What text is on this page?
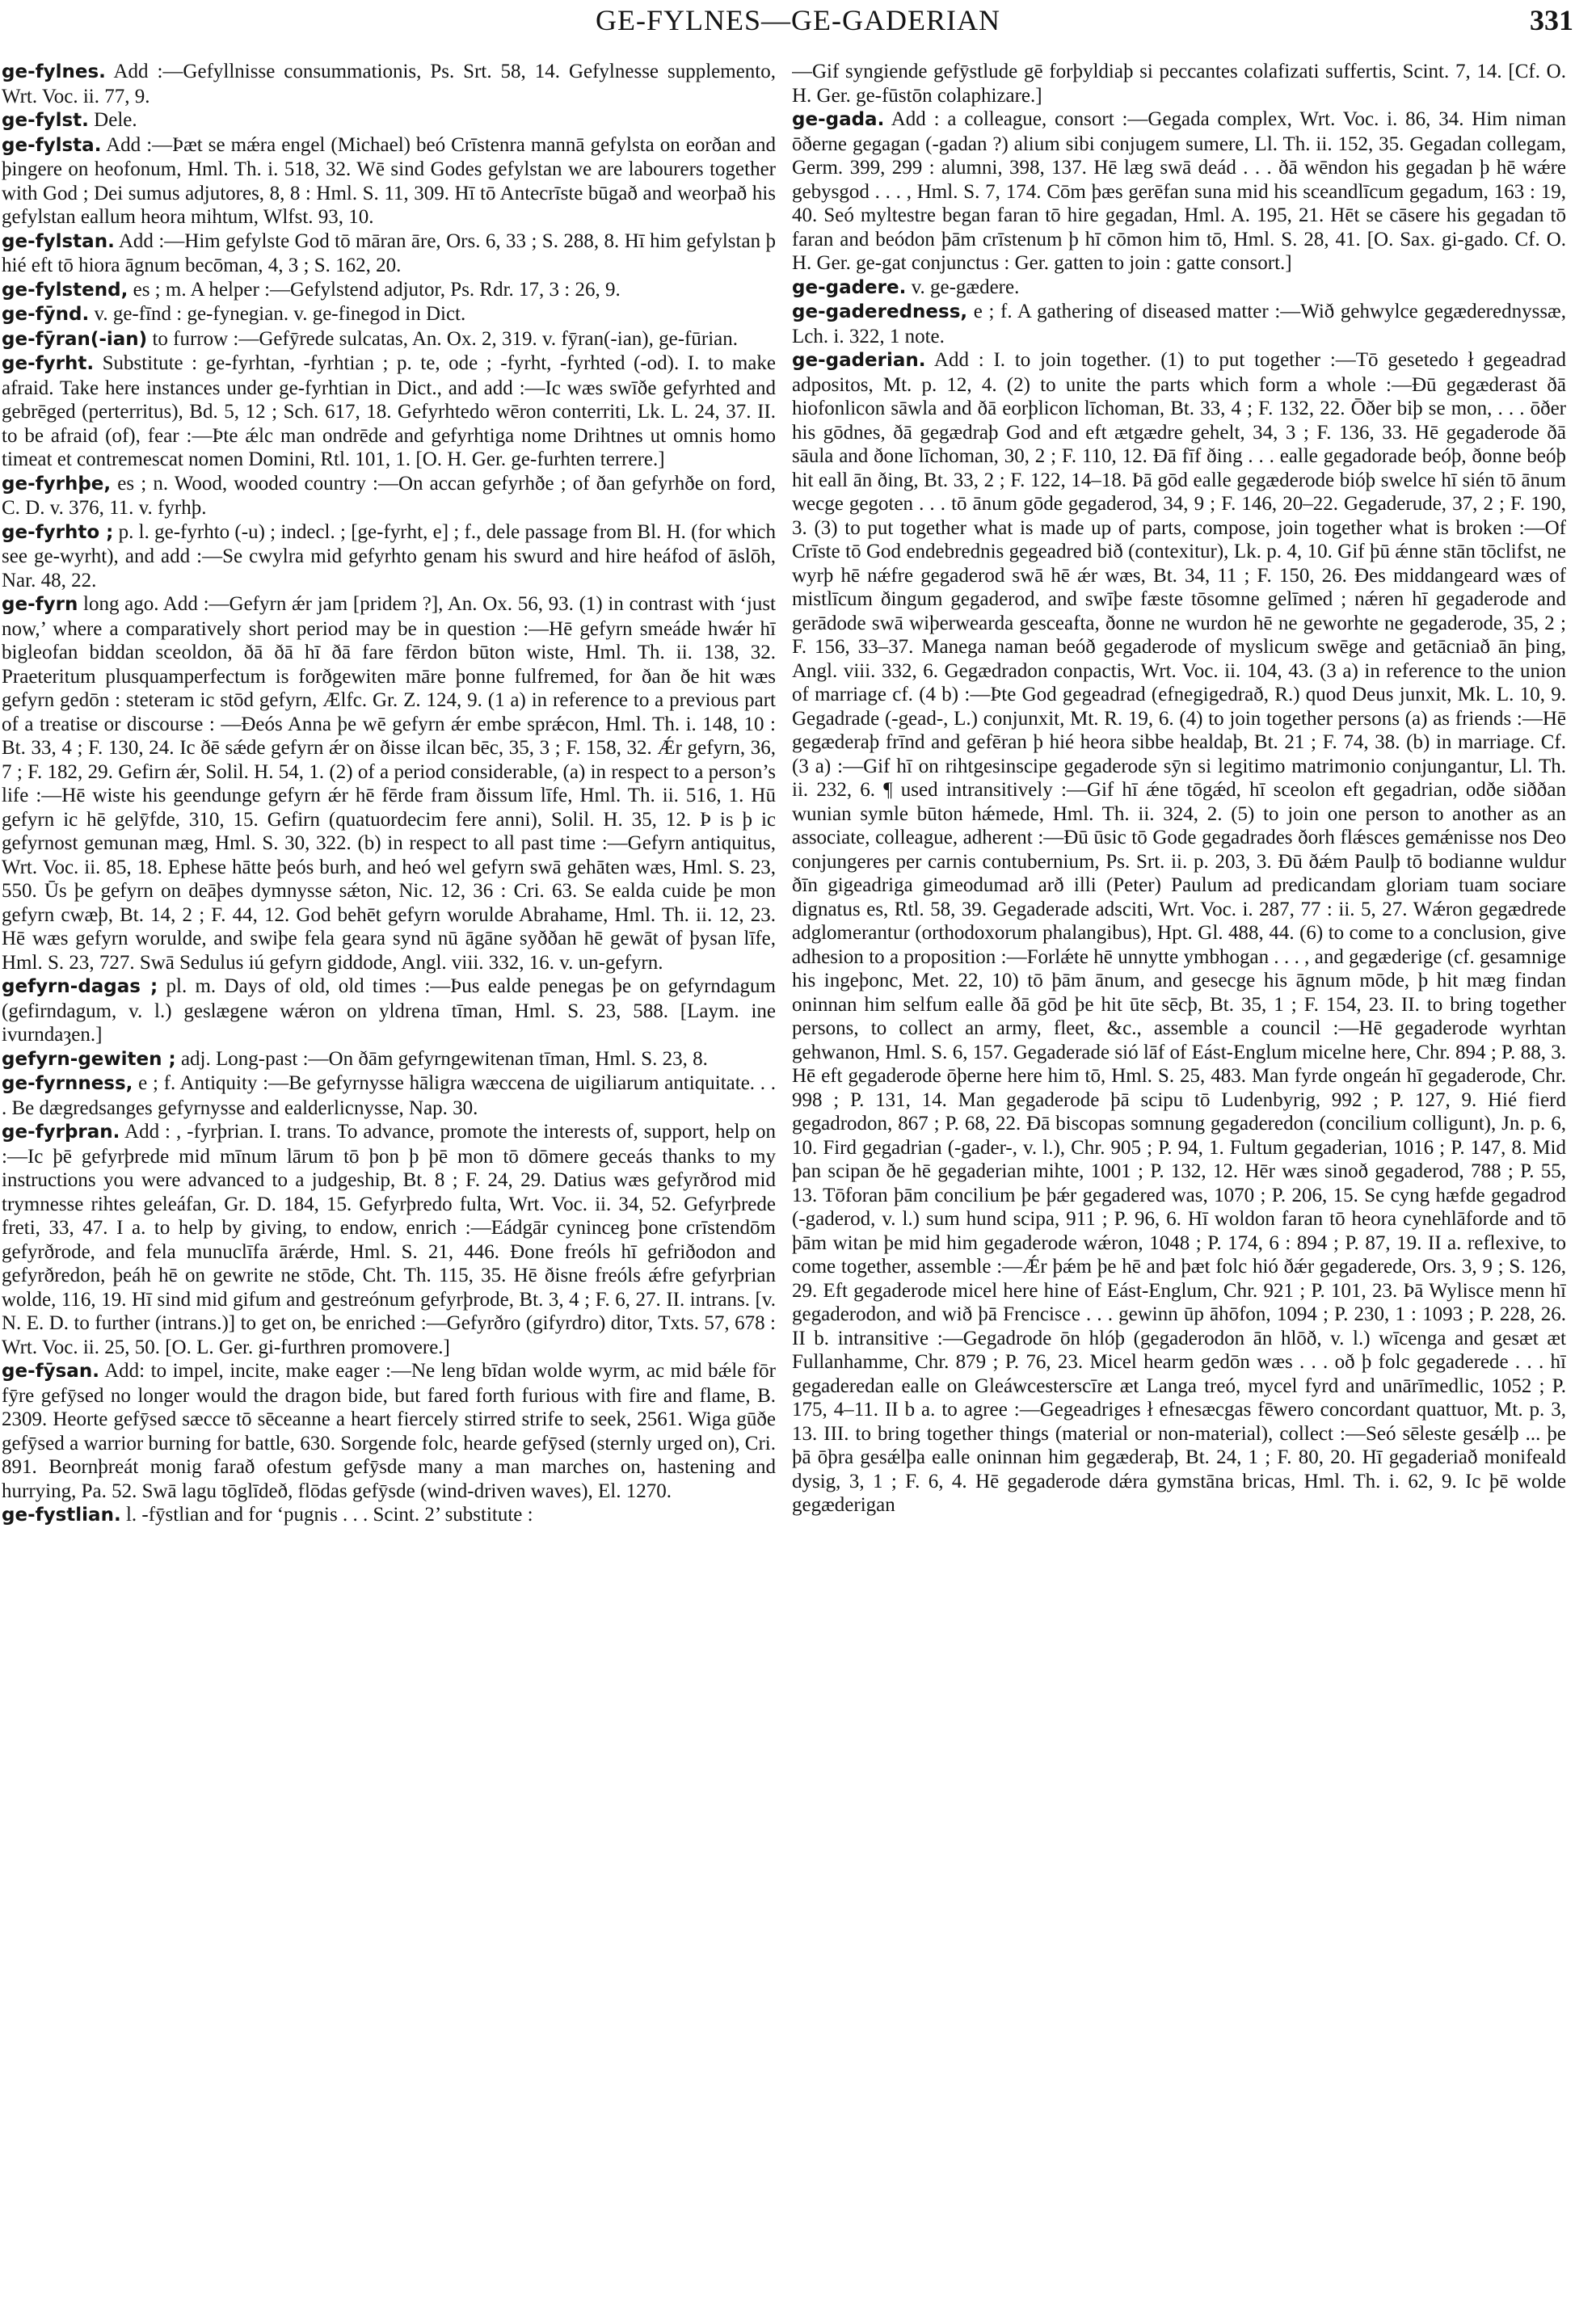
GE-FYLNES—GE-GADERIAN	331

ge-fylnes. Add :—Gefyllnisse consummationis, Ps. Srt. 58, 14. Gefylnesse supplemento, Wrt. Voc. ii. 77, 9.

ge-fylst. Dele.

ge-fylsta. Add :—Þæt se mǽra engel (Michael) beó Crīstenra mannā gefylsta on eorðan and þingere on heofonum, Hml. Th. i. 518, 32. Wē sind Godes gefylstan we are labourers together with God ; Dei sumus adjutores, 8, 8 : Hml. S. 11, 309. Hī tō Antecrīste būgað and weorþað his gefylstan eallum heora mihtum, Wlfst. 93, 10.

ge-fylstan. Add :—Him gefylste God tō māran āre, Ors. 6, 33 ; S. 288, 8. Hī him gefylstan þ hié eft tō hiora āgnum becōman, 4, 3 ; S. 162, 20.

ge-fylstend, es ; m. A helper :—Gefylstend adjutor, Ps. Rdr. 17, 3 : 26, 9.

ge-fȳnd. v. ge-fīnd : ge-fynegian. v. ge-finegod in Dict.

ge-fȳran(-ian) to furrow :—Gefȳrede sulcatas, An. Ox. 2, 319. v. fȳran(-ian), ge-fūrian.

ge-fyrht. Substitute : ge-fyrhtan, -fyrhtian ; p. te, ode ; -fyrht, -fyrhted (-od). I. to make afraid. Take here instances under ge-fyrhtian in Dict., and add :—Ic wæs swīðe gefyrhted and gebrēged (perterritus), Bd. 5, 12 ; Sch. 617, 18. Gefyrhtedo wēron conterriti, Lk. L. 24, 37. II. to be afraid (of), fear :—Þte ǽlc man ondrēde and gefyrhtiga nome Drihtnes ut omnis homo timeat et contremescat nomen Domini, Rtl. 101, 1. [O. H. Ger. ge-furhten terrere.]

ge-fyrhþe, es ; n. Wood, wooded country :—On accan gefyrhðe ; of ðan gefyrhðe on ford, C. D. v. 376, 11. v. fyrhþ.

ge-fyrhto ; p. l. ge-fyrhto (-u) ; indecl. ; [ge-fyrht, e] ; f., dele passage from Bl. H. (for which see ge-wyrht), and add :—Se cwylra mid gefyrhto genam his swurd and hire heáfod of āslōh, Nar. 48, 22.

ge-fyrn long ago. Add :—Gefyrn ǽr jam [pridem ?], An. Ox. 56, 93. (1) in contrast with ‘just now,’ where a comparatively short period may be in question :—Hē gefyrn smeáde hwǽr hī bigleofan biddan sceoldon, ðā ðā hī ðā fare fērdon būton wiste, Hml. Th. ii. 138, 32. Praeteritum plusquamperfectum is forðgewiten māre þonne fulfremed, for ðan ðe hit wæs gefyrn gedōn : steteram ic stōd gefyrn, Ælfc. Gr. Z. 124, 9. (1 a) in reference to a previous part of a treatise or discourse : —Ðeós Anna þe wē gefyrn ǽr embe sprǽcon, Hml. Th. i. 148, 10 : Bt. 33, 4 ; F. 130, 24. Ic ðē sǽde gefyrn ǽr on ðisse ilcan bēc, 35, 3 ; F. 158, 32. Ǽr gefyrn, 36, 7 ; F. 182, 29. Gefirn ǽr, Solil. H. 54, 1. (2) of a period considerable, (a) in respect to a person’s life :—Hē wiste his geendunge gefyrn ǽr hē fērde fram ðissum līfe, Hml. Th. ii. 516, 1. Hū gefyrn ic hē gelȳfde, 310, 15. Gefirn (quatuordecim fere anni), Solil. H. 35, 12. Þ is þ ic gefyrnost gemunan mæg, Hml. S. 30, 322. (b) in respect to all past time :—Gefyrn antiquitus, Wrt. Voc. ii. 85, 18. Ephese hātte þeós burh, and heó wel gefyrn swā gehāten wæs, Hml. S. 23, 550. Ūs þe gefyrn on deāþes dymnysse sǽton, Nic. 12, 36 : Cri. 63. Se ealda cuide þe mon gefyrn cwæþ, Bt. 14, 2 ; F. 44, 12. God behēt gefyrn worulde Abrahame, Hml. Th. ii. 12, 23. Hē wæs gefyrn worulde, and swiþe fela geara synd nū āgāne syððan hē gewāt of þysan līfe, Hml. S. 23, 727. Swā Sedulus iú gefyrn giddode, Angl. viii. 332, 16. v. un-gefyrn.

gefyrn-dagas ; pl. m. Days of old, old times :—Þus ealde penegas þe on gefyrndagum (gefirndagum, v. l.) geslægene wǽron on yldrena tīman, Hml. S. 23, 588. [Laym. ine ivurndaȝen.]

gefyrn-gewiten ; adj. Long-past :—On ðām gefyrngewitenan tīman, Hml. S. 23, 8.

ge-fyrnness, e ; f. Antiquity :—Be gefyrnysse hāligra wæccena de uigiliarum antiquitate. . . . Be dægredsanges gefyrnysse and ealderlicnysse, Nap. 30.

ge-fyrþran. Add : , -fyrþrian. I. trans. To advance, promote the interests of, support, help on :—Ic þē gefyrþrede mid mīnum lārum tō þon þ þē mon tō dōmere geceás thanks to my instructions you were advanced to a judgeship, Bt. 8 ; F. 24, 29. Datius wæs gefyrðrod mid trymnesse rihtes geleáfan, Gr. D. 184, 15. Gefyrþredo fulta, Wrt. Voc. ii. 34, 52. Gefyrþrede freti, 33, 47. I a. to help by giving, to endow, enrich :—Eádgār cyninceg þone crīstendōm gefyrðrode, and fela munuclīfa ārǽrde, Hml. S. 21, 446. Ðone freóls hī gefriðodon and gefyrðredon, þeáh hē on gewrite ne stōde, Cht. Th. 115, 35. Hē ðisne freóls ǽfre gefyrþrian wolde, 116, 19. Hī sind mid gifum and gestreónum gefyrþrode, Bt. 3, 4 ; F. 6, 27. II. intrans. [v. N. E. D. to further (intrans.)] to get on, be enriched :—Gefyrðro (gifyrdro) ditor, Txts. 57, 678 : Wrt. Voc. ii. 25, 50. [O. L. Ger. gi-furthren promovere.]

ge-fȳsan. Add: to impel, incite, make eager :—Ne leng bīdan wolde wyrm, ac mid bǽle fōr fȳre gefȳsed no longer would the dragon bide, but fared forth furious with fire and flame, B. 2309. Heorte gefȳsed sæcce tō sēceanne a heart fiercely stirred strife to seek, 2561. Wiga gūðe gefȳsed a warrior burning for battle, 630. Sorgende folc, hearde gefȳsed (sternly urged on), Cri. 891. Beornþreát monig farað ofestum gefȳsde many a man marches on, hastening and hurrying, Pa. 52. Swā lagu tōglīdeð, flōdas gefȳsde (wind-driven waves), El. 1270.

ge-fystlian. l. -fȳstlian and for ‘pugnis . . . Scint. 2’ substitute :

—Gif syngiende gefȳstlude gē forþyldiaþ si peccantes colafizati suffertis, Scint. 7, 14. [Cf. O. H. Ger. ge-fūstōn colaphizare.]

ge-gada. Add : a colleague, consort :—Gegada complex, Wrt. Voc. i. 86, 34. Him niman ōðerne gegagan (-gadan ?) alium sibi conjugem sumere, Ll. Th. ii. 152, 35. Gegadan collegam, Germ. 399, 299 : alumni, 398, 137. Hē læg swā deád . . . ðā wēndon his gegadan þ hē wǽre gebysgod . . . , Hml. S. 7, 174. Cōm þæs gerēfan suna mid his sceandlīcum gegadum, 163 : 19, 40. Seó myltestre began faran tō hire gegadan, Hml. A. 195, 21. Hēt se cāsere his gegadan tō faran and beódon þām crīstenum þ hī cōmon him tō, Hml. S. 28, 41. [O. Sax. gi-gado. Cf. O. H. Ger. ge-gat conjunctus : Ger. gatten to join : gatte consort.]

ge-gadere. v. ge-gædere.

ge-gaderedness, e ; f. A gathering of diseased matter :—Wið gehwylce gegæderednyssæ, Lch. i. 322, 1 note.

ge-gaderian. Add : I. to join together. (1) to put together :—Tō gesetedo ł gegeadrad adpositos, Mt. p. 12, 4. (2) to unite the parts which form a whole :—Ðū gegæderast ðā hiofonlicon sāwla and ðā eorþlicon līchoman, Bt. 33, 4 ; F. 132, 22. Ōðer biþ se mon, . . . ōðer his gōdnes, ðā gegædraþ God and eft ætgædre gehelt, 34, 3 ; F. 136, 33. Hē gegaderode ðā sāula and ðone līchoman, 30, 2 ; F. 110, 12. Ðā fīf ðing . . . ealle gegadorade beóþ, ðonne beóþ hit eall ān ðing, Bt. 33, 2 ; F. 122, 14–18. Þā gōd ealle gegæderode bióþ swelce hī sién tō ānum wecge gegoten . . . tō ānum gōde gegaderod, 34, 9 ; F. 146, 20–22. Gegaderude, 37, 2 ; F. 190, 3. (3) to put together what is made up of parts, compose, join together what is broken :—Of Crīste tō God endebrednis gegeadred bið (contexitur), Lk. p. 4, 10. Gif þū ǽnne stān tōclifst, ne wyrþ hē nǽfre gegaderod swā hē ǽr wæs, Bt. 34, 11 ; F. 150, 26. Ðes middangeard wæs of mistlīcum ðingum gegaderod, and swīþe fæste tōsomne gelīmed ; nǽren hī gegaderode and gerādode swā wiþerwearda gesceafta, ðonne ne wurdon hē ne geworhte ne gegaderode, 35, 2 ; F. 156, 33–37. Manega naman beóð gegaderode of myslicum swēge and getācniað ān þing, Angl. viii. 332, 6. Gegædradon conpactis, Wrt. Voc. ii. 104, 43. (3 a) in reference to the union of marriage cf. (4 b) :—Þte God gegeadrad (efnegigedrað, R.) quod Deus junxit, Mk. L. 10, 9. Gegadrade (-gead-, L.) conjunxit, Mt. R. 19, 6. (4) to join together persons (a) as friends :—Hē gegæderaþ frīnd and gefēran þ hié heora sibbe healdaþ, Bt. 21 ; F. 74, 38. (b) in marriage. Cf. (3 a) :—Gif hī on rihtgesinscipe gegaderode sȳn si legitimo matrimonio conjungantur, Ll. Th. ii. 232, 6. ¶ used intransitively :—Gif hī ǽne tōgǽd, hī sceolon eft gegadrian, odðe siððan wunian symle būton hǽmede, Hml. Th. ii. 324, 2. (5) to join one person to another as an associate, colleague, adherent :—Ðū ūsic tō Gode gegadrades ðorh flǽsces gemǽnisse nos Deo conjungeres per carnis contubernium, Ps. Srt. ii. p. 203, 3. Ðū ðǽm Paulþ tō bodianne wuldur ðīn gigeadriga gimeodumad arð illi (Peter) Paulum ad predicandam gloriam tuam sociare dignatus es, Rtl. 58, 39. Gegaderade adsciti, Wrt. Voc. i. 287, 77 : ii. 5, 27. Wǽron gegædrede adglomerantur (orthodoxorum phalangibus), Hpt. Gl. 488, 44. (6) to come to a conclusion, give adhesion to a proposition :—Forlǽte hē unnytte ymbhogan . . . , and gegæderige (cf. gesamnige his ingeþonc, Met. 22, 10) tō þām ānum, and gesecge his āgnum mōde, þ hit mæg findan oninnan him selfum ealle ðā gōd þe hit ūte sēcþ, Bt. 35, 1 ; F. 154, 23. II. to bring together persons, to collect an army, fleet, &c., assemble a council :—Hē gegaderode wyrhtan gehwanon, Hml. S. 6, 157. Gegaderade sió lāf of Eást-Englum micelne here, Chr. 894 ; P. 88, 3. Hē eft gegaderode ōþerne here him tō, Hml. S. 25, 483. Man fyrde ongeán hī gegaderode, Chr. 998 ; P. 131, 14. Man gegaderode þā scipu tō Ludenbyrig, 992 ; P. 127, 9. Hié fierd gegadrodon, 867 ; P. 68, 22. Ðā biscopas somnung gegaderedon (concilium colligunt), Jn. p. 6, 10. Fird gegadrian (-gader-, v. l.), Chr. 905 ; P. 94, 1. Fultum gegaderian, 1016 ; P. 147, 8. Mid þan scipan ðe hē gegaderian mihte, 1001 ; P. 132, 12. Hēr wæs sinoð gegaderod, 788 ; P. 55, 13. Tōforan þām concilium þe þǽr gegadered was, 1070 ; P. 206, 15. Se cyng hæfde gegadrod (-gaderod, v. l.) sum hund scipa, 911 ; P. 96, 6. Hī woldon faran tō heora cynehlāforde and tō þām witan þe mid him gegaderode wǽron, 1048 ; P. 174, 6 : 894 ; P. 87, 19. II a. reflexive, to come together, assemble :—Ǽr þǽm þe hē and þæt folc hió ðǽr gegaderede, Ors. 3, 9 ; S. 126, 29. Eft gegaderode micel here hine of Eást-Englum, Chr. 921 ; P. 101, 23. Þā Wylisce menn hī gegaderodon, and wið þā Frencisce . . . gewinn ūp āhōfon, 1094 ; P. 230, 1 : 1093 ; P. 228, 26. II b. intransitive :—Gegadrode ōn hlóþ (gegaderodon ān hlōð, v. l.) wīcenga and gesæt æt Fullanhamme, Chr. 879 ; P. 76, 23. Micel hearm gedōn wæs . . . oð þ folc gegaderede . . . hī gegaderedan ealle on Gleáwcesterscīre æt Langa treó, mycel fyrd and unārīmedlic, 1052 ; P. 175, 4–11. II b a. to agree :—Gegeadriges ł efnesæcgas fēwero concordant quattuor, Mt. p. 3, 13. III. to bring together things (material or non-material), collect :—Seó sēleste gesǽlþ ... þe þā ōþra gesǽlþa ealle oninnan him gegæderaþ, Bt. 24, 1 ; F. 80, 20. Hī gegaderiað monifeald dysig, 3, 1 ; F. 6, 4. Hē gegaderode dǽra gymstāna bricas, Hml. Th. i. 62, 9. Ic þē wolde gegæderigan
